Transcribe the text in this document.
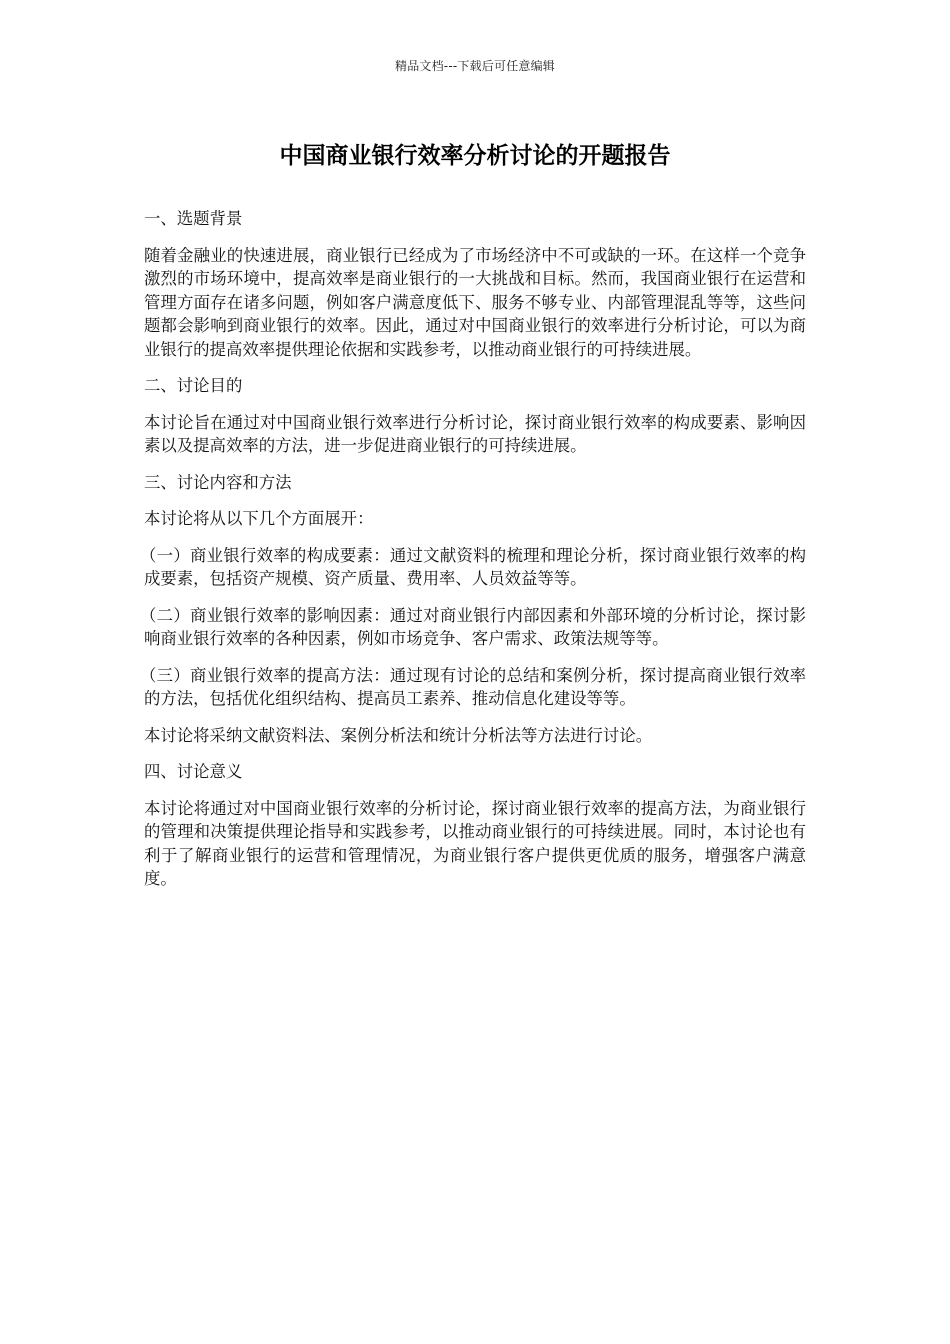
精品文档---下载后可任意编辑
中国商业银行效率分析讨论的开题报告

一、选题背景

随着金融业的快速进展，商业银行已经成为了市场经济中不可或缺的一环。在这样一个竞争激烈的市场环境中，提高效率是商业银行的一大挑战和目标。然而，我国商业银行在运营和管理方面存在诸多问题，例如客户满意度低下、服务不够专业、内部管理混乱等等，这些问题都会影响到商业银行的效率。因此，通过对中国商业银行的效率进行分析讨论，可以为商业银行的提高效率提供理论依据和实践参考，以推动商业银行的可持续进展。

二、讨论目的

本讨论旨在通过对中国商业银行效率进行分析讨论，探讨商业银行效率的构成要素、影响因素以及提高效率的方法，进一步促进商业银行的可持续进展。

三、讨论内容和方法

本讨论将从以下几个方面展开：

（一）商业银行效率的构成要素：通过文献资料的梳理和理论分析，探讨商业银行效率的构成要素，包括资产规模、资产质量、费用率、人员效益等等。

（二）商业银行效率的影响因素：通过对商业银行内部因素和外部环境的分析讨论，探讨影响商业银行效率的各种因素，例如市场竞争、客户需求、政策法规等等。

（三）商业银行效率的提高方法：通过现有讨论的总结和案例分析，探讨提高商业银行效率的方法，包括优化组织结构、提高员工素养、推动信息化建设等等。

本讨论将采纳文献资料法、案例分析法和统计分析法等方法进行讨论。

四、讨论意义

本讨论将通过对中国商业银行效率的分析讨论，探讨商业银行效率的提高方法，为商业银行的管理和决策提供理论指导和实践参考，以推动商业银行的可持续进展。同时，本讨论也有利于了解商业银行的运营和管理情况，为商业银行客户提供更优质的服务，增强客户满意度。
